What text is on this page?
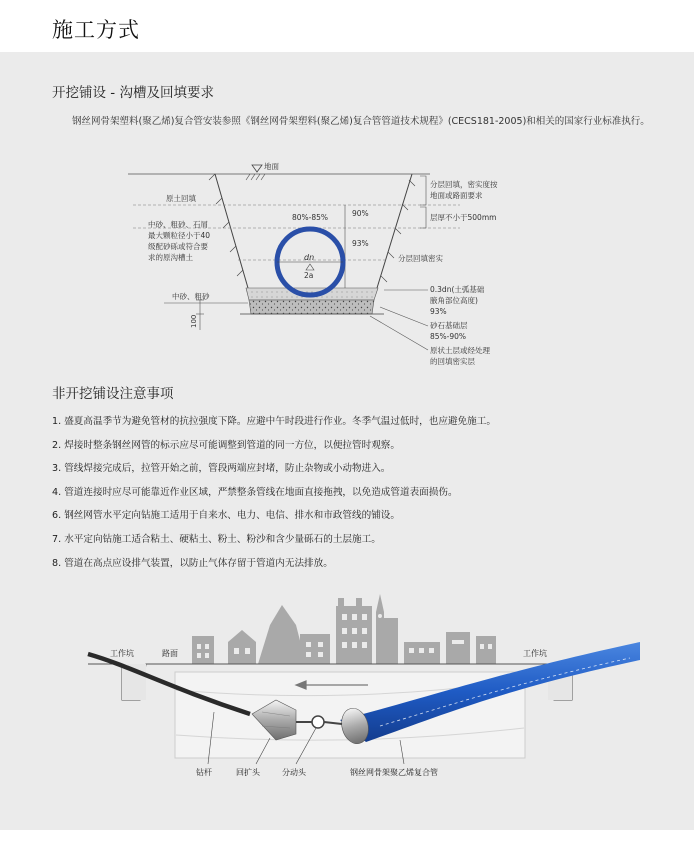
施工方式
开挖铺设 - 沟槽及回填要求

钢丝网骨架塑料(聚乙烯)复合管安装参照《钢丝网骨架塑料(聚乙烯)复合管管道技术规程》(CECS181-2005)和相关的国家行业标准执行。

地面
dn
2a
80%-85%	90%
93%
原土回填
中砂、粗砂、石屑
最大颗粒径小于40
级配砂砾或符合要
求的原沟槽土
中砂、粗砂
100
分层回填，密实度按
地面或路面要求
层厚不小于500mm
分层回填密实
0.3dn(土弧基础
腋角部位高度)
93%
砂石基础层
85%-90%
原状土层或经处理
的回填密实层
非开挖铺设注意事项
1. 盛夏高温季节为避免管材的抗拉强度下降。应避中午时段进行作业。冬季气温过低时，也应避免施工。
2. 焊接时整条钢丝网管的标示应尽可能调整到管道的同一方位，以便拉管时观察。
3. 管线焊接完成后，拉管开始之前，管段两端应封堵，防止杂物或小动物进入。
4. 管道连接时应尽可能靠近作业区域，严禁整条管线在地面直接拖拽，以免造成管道表面损伤。
6. 钢丝网管水平定向钻施工适用于自来水、电力、电信、排水和市政管线的铺设。
7. 水平定向钻施工适合粘土、硬粘土、粉土、粉沙和含少量砾石的土层施工。
8. 管道在高点应设排气装置，以防止气体存留于管道内无法排放。
工作坑	路面	工作坑
钻杆	回扩头	分动头	钢丝网骨架聚乙烯复合管
